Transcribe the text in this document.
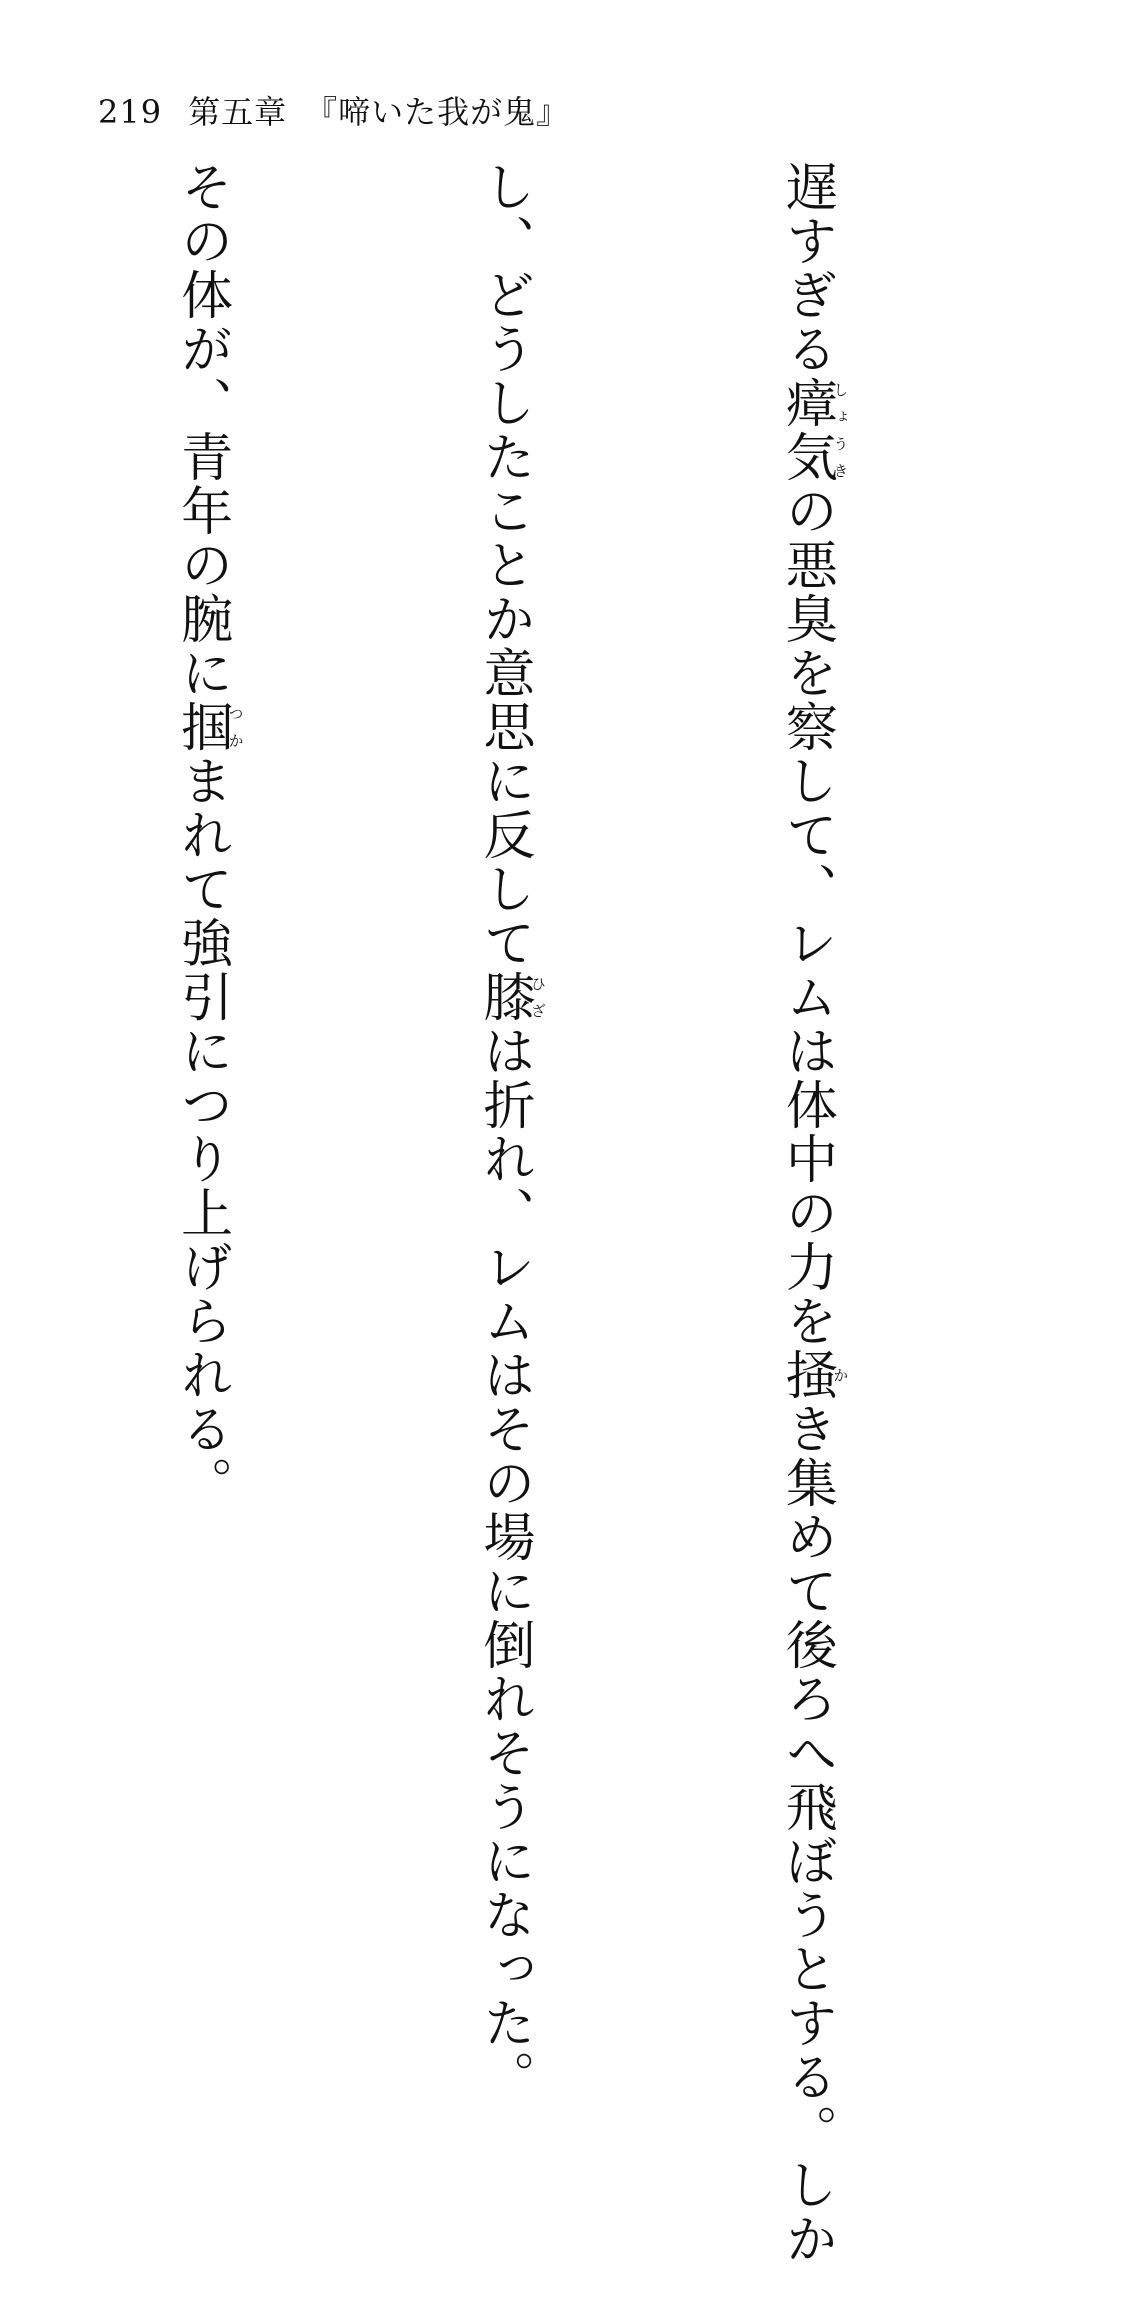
219 第五章 『啼いた我が鬼』

遅すぎる瘴気しょうきの悪臭を察して、レムは体中の力を掻かき集めて後ろへ飛ぼうとする。しか

し、どうしたことか意思に反して膝ひざは折れ、レムはその場に倒れそうになった。

その体が、青年の腕に掴つかまれて強引につり上げられる。
